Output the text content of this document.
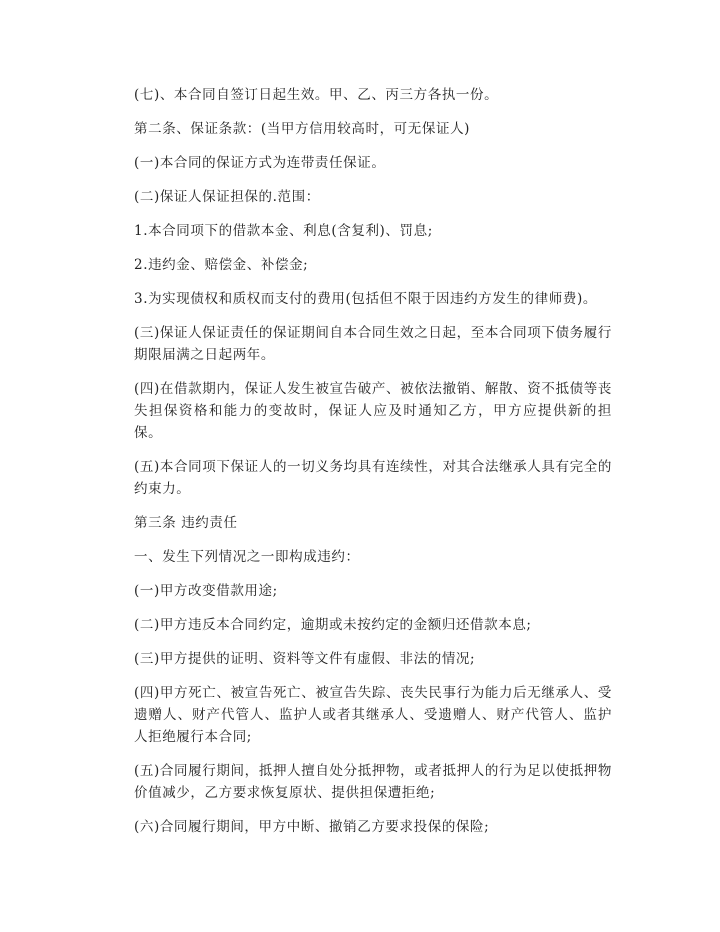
(七)、本合同自签订日起生效。甲、乙、丙三方各执一份。

第二条、保证条款：(当甲方信用较高时，可无保证人)

(一)本合同的保证方式为连带责任保证。

(二)保证人保证担保的.范围：

1.本合同项下的借款本金、利息(含复利)、罚息;

2.违约金、赔偿金、补偿金;

3.为实现债权和质权而支付的费用(包括但不限于因违约方发生的律师费)。

(三)保证人保证责任的保证期间自本合同生效之日起，至本合同项下债务履行期限届满之日起两年。

(四)在借款期内，保证人发生被宣告破产、被依法撤销、解散、资不抵债等丧失担保资格和能力的变故时，保证人应及时通知乙方，甲方应提供新的担保。

(五)本合同项下保证人的一切义务均具有连续性，对其合法继承人具有完全的约束力。

第三条 违约责任

一、发生下列情况之一即构成违约：

(一)甲方改变借款用途;

(二)甲方违反本合同约定，逾期或未按约定的金额归还借款本息;

(三)甲方提供的证明、资料等文件有虚假、非法的情况;

(四)甲方死亡、被宣告死亡、被宣告失踪、丧失民事行为能力后无继承人、受遗赠人、财产代管人、监护人或者其继承人、受遗赠人、财产代管人、监护人拒绝履行本合同;

(五)合同履行期间，抵押人擅自处分抵押物，或者抵押人的行为足以使抵押物价值减少，乙方要求恢复原状、提供担保遭拒绝;

(六)合同履行期间，甲方中断、撤销乙方要求投保的保险;
